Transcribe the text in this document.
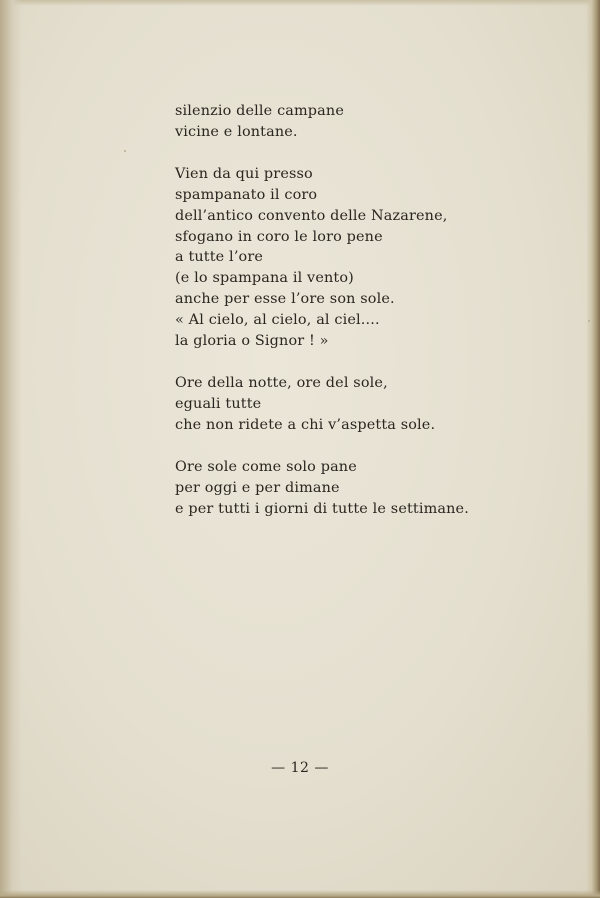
silenzio delle campane
vicine e lontane.
Vien da qui presso
spampanato il coro
dell’antico convento delle Nazarene,
sfogano in coro le loro pene
a tutte l’ore
(e lo spampana il vento)
anche per esse l’ore son sole.
« Al cielo, al cielo, al ciel....
la gloria o Signor ! »
Ore della notte, ore del sole,
eguali tutte
che non ridete a chi v’aspetta sole.
Ore sole come solo pane
per oggi e per dimane
e per tutti i giorni di tutte le settimane.
— 12 —
